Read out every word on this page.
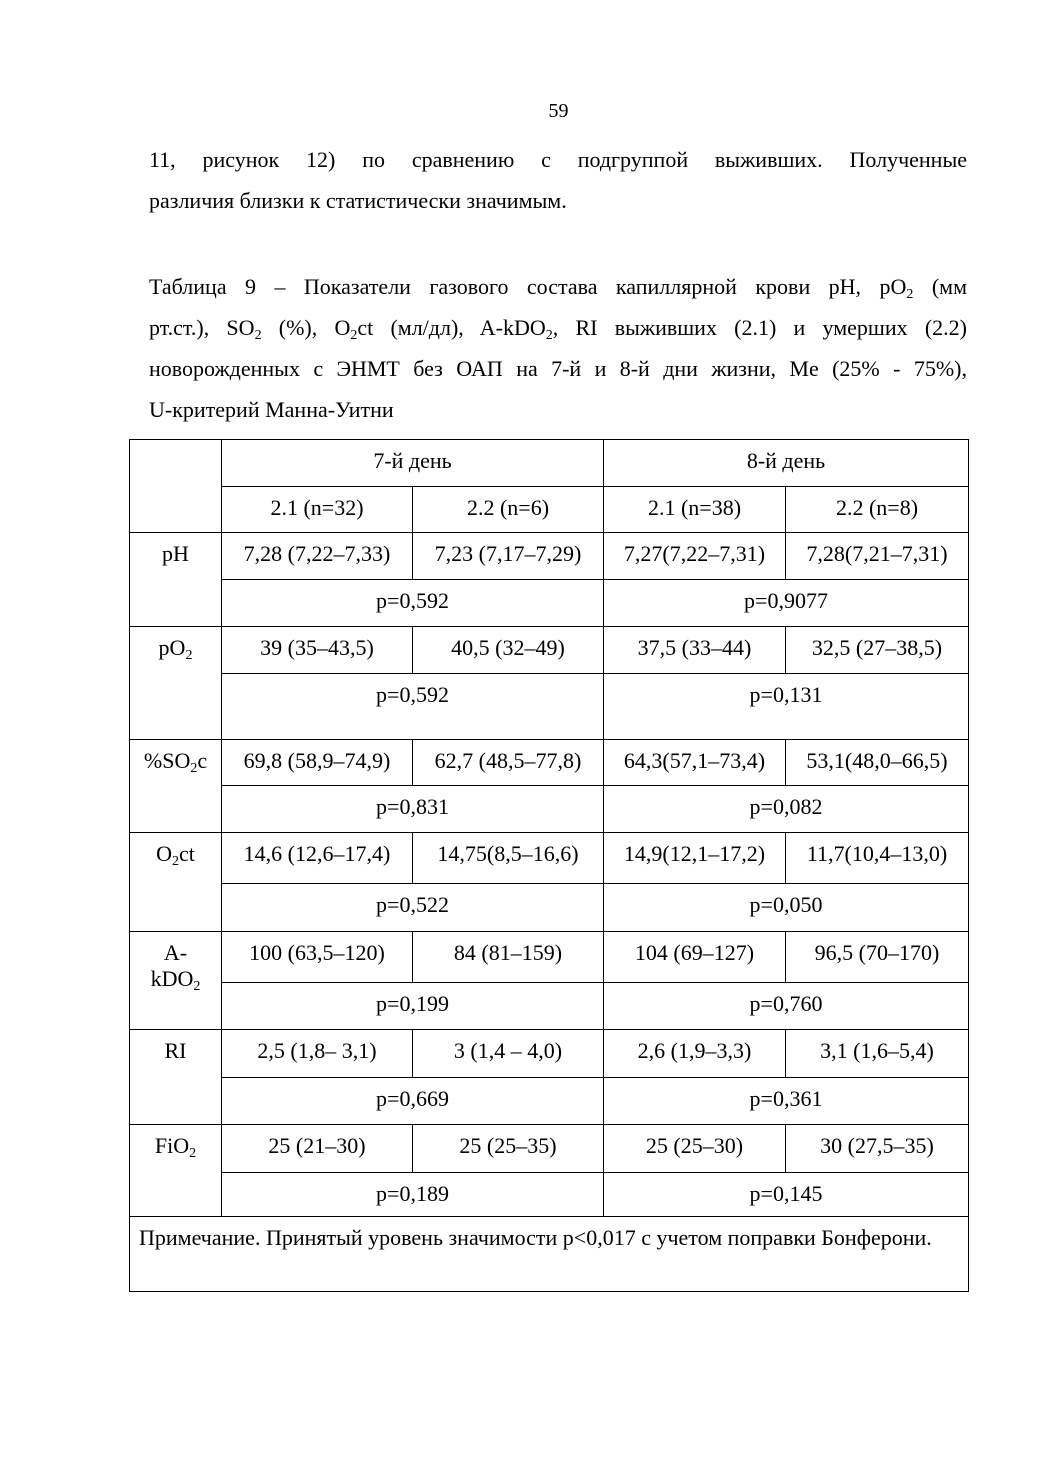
59
11, рисунок 12) по сравнению с подгруппой выживших. Полученные
различия близки к статистически значимым.
Таблица 9 – Показатели газового состава капиллярной крови pH, $pO_2$ (мм
рт.ст.), $SO_2$ (%), $O_2ct$ (мл/дл), A-kDO$_2$, RI выживших (2.1) и умерших (2.2)
новорожденных с ЭНМТ без ОАП на 7-й и 8-й дни жизни, Me (25% - 75%),
U-критерий Манна-Уитни
	7-й день		8-й день	
	2.1 (n=32)	2.2 (n=6)	2.1 (n=38)	2.2 (n=8)
pH	7,28 (7,22–7,33)	7,23 (7,17–7,29)	7,27(7,22–7,31)	7,28(7,21–7,31)
	p=0,592		p=0,9077	
$pO_2$	39 (35–43,5)	40,5 (32–49)	37,5 (33–44)	32,5 (27–38,5)
	p=0,592		p=0,131	
$\%SO_2c$	69,8 (58,9–74,9)	62,7 (48,5–77,8)	64,3(57,1–73,4)	53,1(48,0–66,5)
	p=0,831		p=0,082	
$O_2ct$	14,6 (12,6–17,4)	14,75(8,5–16,6)	14,9(12,1–17,2)	11,7(10,4–13,0)
	p=0,522		p=0,050	
A-kDO$_2$	100 (63,5–120)	84 (81–159)	104 (69–127)	96,5 (70–170)
	p=0,199		p=0,760	
RI	2,5 (1,8– 3,1)	3 (1,4 – 4,0)	2,6 (1,9–3,3)	3,1 (1,6–5,4)
	p=0,669		p=0,361	
FiO$_2$	25 (21–30)	25 (25–35)	25 (25–30)	30 (27,5–35)
	p=0,189		p=0,145	
Примечание. Принятый уровень значимости p<0,017 с учетом поправки Бонферони.				
